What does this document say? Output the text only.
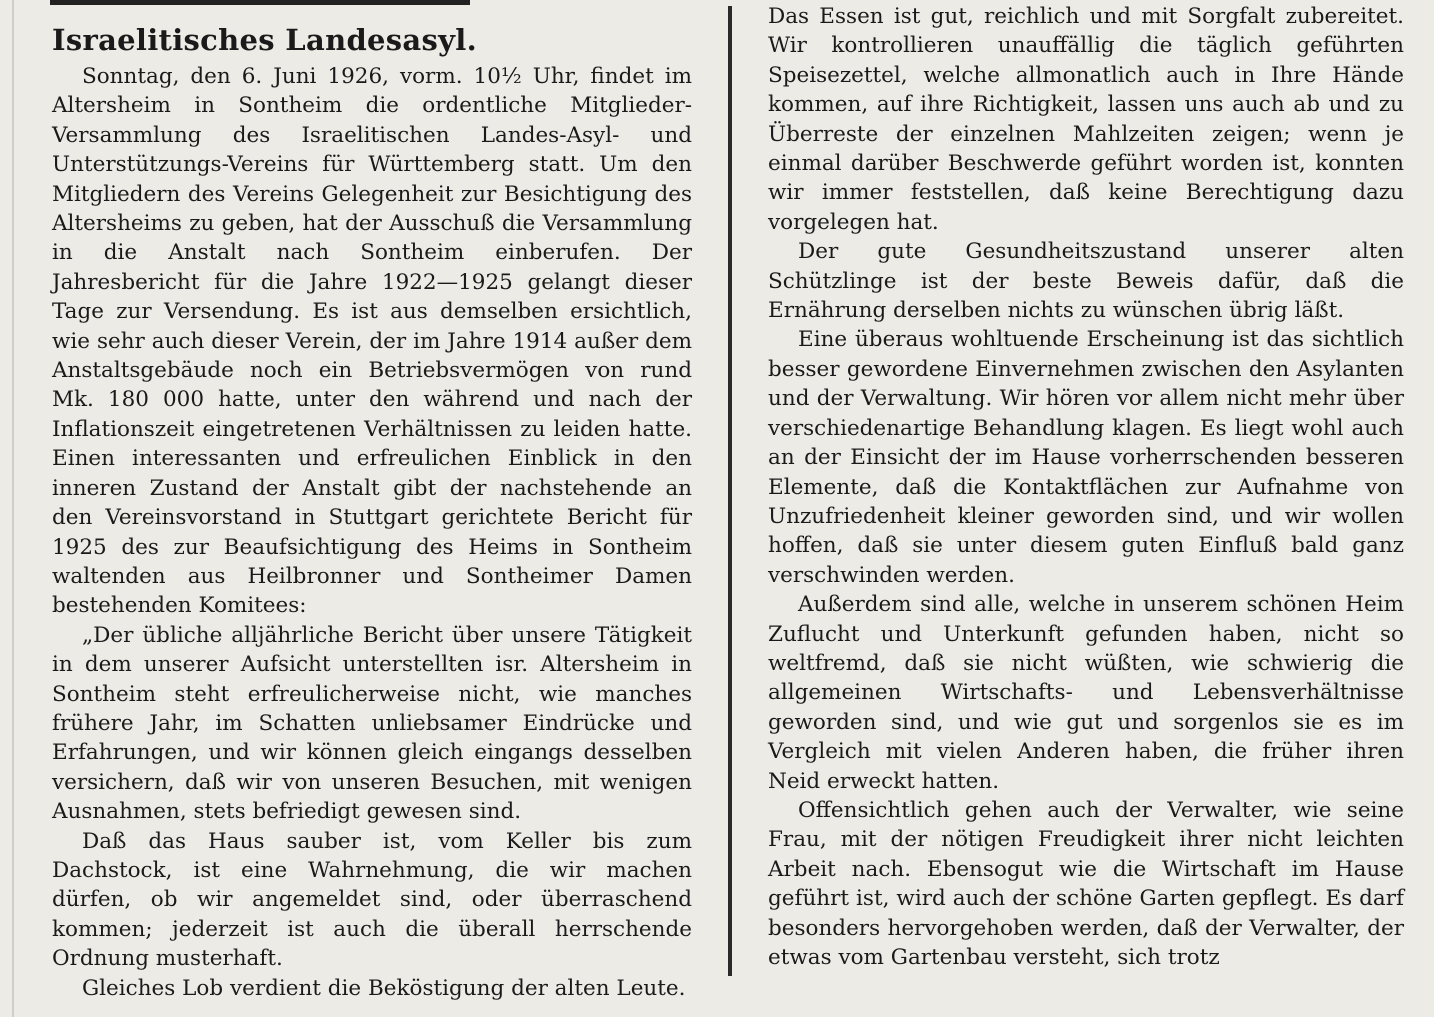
Israelitisches Landesasyl.

Sonntag, den 6. Juni 1926, vorm. 10½ Uhr, findet im Altersheim in Sontheim die ordentliche Mitglieder-Versammlung des Israelitischen Landes-Asyl- und Unterstützungs-Vereins für Württemberg statt. Um den Mitgliedern des Vereins Gelegenheit zur Besichtigung des Altersheims zu geben, hat der Ausschuß die Versammlung in die Anstalt nach Sontheim einberufen. Der Jahresbericht für die Jahre 1922—1925 gelangt dieser Tage zur Versendung. Es ist aus demselben ersichtlich, wie sehr auch dieser Verein, der im Jahre 1914 außer dem Anstaltsgebäude noch ein Betriebsvermögen von rund Mk. 180 000 hatte, unter den während und nach der Inflationszeit eingetretenen Verhältnissen zu leiden hatte. Einen interessanten und erfreulichen Einblick in den inneren Zustand der Anstalt gibt der nachstehende an den Vereinsvorstand in Stuttgart gerichtete Bericht für 1925 des zur Beaufsichtigung des Heims in Sontheim waltenden aus Heilbronner und Sontheimer Damen bestehenden Komitees:

„Der übliche alljährliche Bericht über unsere Tätigkeit in dem unserer Aufsicht unterstellten isr. Altersheim in Sontheim steht erfreulicherweise nicht, wie manches frühere Jahr, im Schatten unliebsamer Eindrücke und Erfahrungen, und wir können gleich eingangs desselben versichern, daß wir von unseren Besuchen, mit wenigen Ausnahmen, stets befriedigt gewesen sind.

Daß das Haus sauber ist, vom Keller bis zum Dachstock, ist eine Wahrnehmung, die wir machen dürfen, ob wir angemeldet sind, oder überraschend kommen; jederzeit ist auch die überall herrschende Ordnung musterhaft.

Gleiches Lob verdient die Beköstigung der alten Leute.

Das Essen ist gut, reichlich und mit Sorgfalt zubereitet. Wir kontrollieren unauffällig die täglich geführten Speisezettel, welche allmonatlich auch in Ihre Hände kommen, auf ihre Richtigkeit, lassen uns auch ab und zu Überreste der einzelnen Mahlzeiten zeigen; wenn je einmal darüber Beschwerde geführt worden ist, konnten wir immer feststellen, daß keine Berechtigung dazu vorgelegen hat.

Der gute Gesundheitszustand unserer alten Schützlinge ist der beste Beweis dafür, daß die Ernährung derselben nichts zu wünschen übrig läßt.

Eine überaus wohltuende Erscheinung ist das sichtlich besser gewordene Einvernehmen zwischen den Asylanten und der Verwaltung. Wir hören vor allem nicht mehr über verschiedenartige Behandlung klagen. Es liegt wohl auch an der Einsicht der im Hause vorherrschenden besseren Elemente, daß die Kontaktflächen zur Aufnahme von Unzufriedenheit kleiner geworden sind, und wir wollen hoffen, daß sie unter diesem guten Einfluß bald ganz verschwinden werden.

Außerdem sind alle, welche in unserem schönen Heim Zuflucht und Unterkunft gefunden haben, nicht so weltfremd, daß sie nicht wüßten, wie schwierig die allgemeinen Wirtschafts- und Lebensverhältnisse geworden sind, und wie gut und sorgenlos sie es im Vergleich mit vielen Anderen haben, die früher ihren Neid erweckt hatten.

Offensichtlich gehen auch der Verwalter, wie seine Frau, mit der nötigen Freudigkeit ihrer nicht leichten Arbeit nach. Ebensogut wie die Wirtschaft im Hause geführt ist, wird auch der schöne Garten gepflegt. Es darf besonders hervorgehoben werden, daß der Verwalter, der etwas vom Gartenbau versteht, sich trotz
